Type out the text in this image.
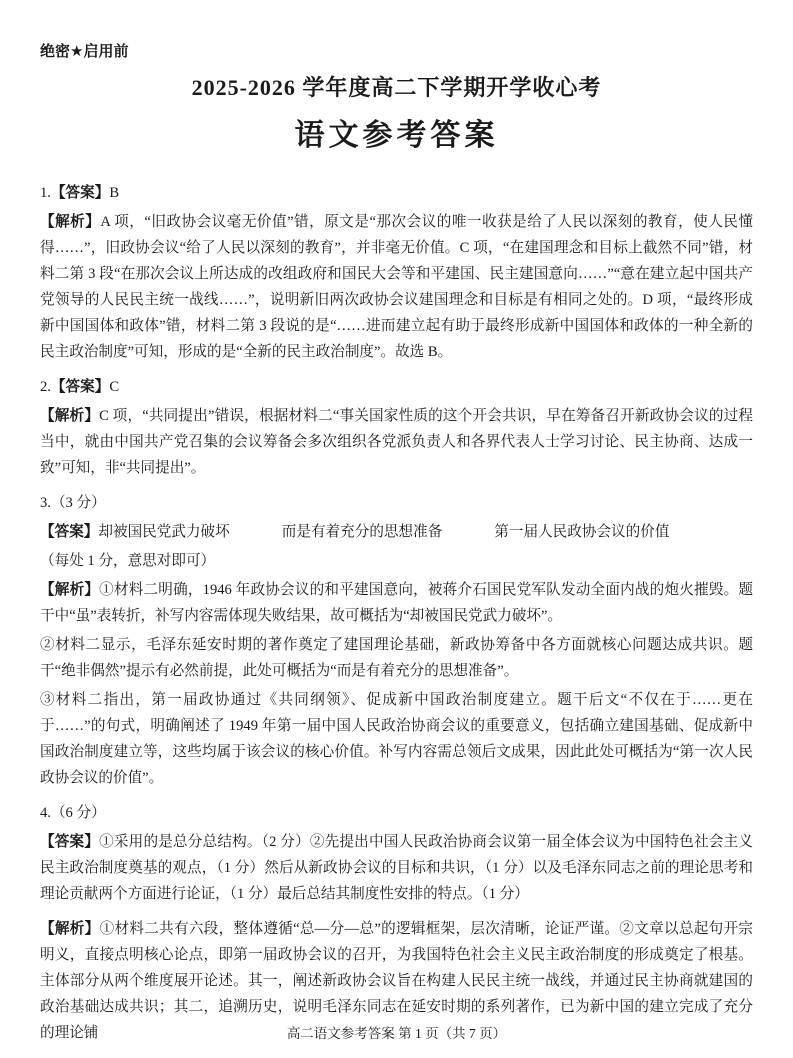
绝密★启用前
2025-2026 学年度高二下学期开学收心考
语文参考答案

1.【答案】B

【解析】A 项，“旧政协会议毫无价值”错，原文是“那次会议的唯一收获是给了人民以深刻的教育，使人民懂得……”，旧政协会议“给了人民以深刻的教育”，并非毫无价值。C 项，“在建国理念和目标上截然不同”错，材料二第 3 段“在那次会议上所达成的改组政府和国民大会等和平建国、民主建国意向……”“意在建立起中国共产党领导的人民民主统一战线……”，说明新旧两次政协会议建国理念和目标是有相同之处的。D 项，“最终形成新中国国体和政体”错，材料二第 3 段说的是“……进而建立起有助于最终形成新中国国体和政体的一种全新的民主政治制度”可知，形成的是“全新的民主政治制度”。故选 B。

2.【答案】C

【解析】C 项，“共同提出”错误，根据材料二“事关国家性质的这个开会共识，早在筹备召开新政协会议的过程当中，就由中国共产党召集的会议筹备会多次组织各党派负责人和各界代表人士学习讨论、民主协商、达成一致”可知，非“共同提出”。

3.（3 分）

【答案】却被国民党武力破坏	而是有着充分的思想准备	第一届人民政协会议的价值

（每处 1 分，意思对即可）

【解析】①材料二明确，1946 年政协会议的和平建国意向，被蒋介石国民党军队发动全面内战的炮火摧毁。题干中“虽”表转折，补写内容需体现失败结果，故可概括为“却被国民党武力破坏”。

②材料二显示，毛泽东延安时期的著作奠定了建国理论基础，新政协筹备中各方面就核心问题达成共识。题干“绝非偶然”提示有必然前提，此处可概括为“而是有着充分的思想准备”。

③材料二指出，第一届政协通过《共同纲领》、促成新中国政治制度建立。题干后文“不仅在于……更在于……”的句式，明确阐述了 1949 年第一届中国人民政治协商会议的重要意义，包括确立建国基础、促成新中国政治制度建立等，这些均属于该会议的核心价值。补写内容需总领后文成果，因此此处可概括为“第一次人民政协会议的价值”。

4.（6 分）

【答案】①采用的是总分总结构。（2 分）②先提出中国人民政治协商会议第一届全体会议为中国特色社会主义民主政治制度奠基的观点，（1 分）然后从新政协会议的目标和共识，（1 分）以及毛泽东同志之前的理论思考和理论贡献两个方面进行论证，（1 分）最后总结其制度性安排的特点。（1 分）

【解析】①材料二共有六段，整体遵循“总—分—总”的逻辑框架，层次清晰，论证严谨。②文章以总起句开宗明义，直接点明核心论点，即第一届政协会议的召开，为我国特色社会主义民主政治制度的形成奠定了根基。主体部分从两个维度展开论述。其一，阐述新政协会议旨在构建人民民主统一战线，并通过民主协商就建国的政治基础达成共识；其二，追溯历史，说明毛泽东同志在延安时期的系列著作，已为新中国的建立完成了充分的理论铺	高二语文参考答案 第 1 页（共 7 页）
